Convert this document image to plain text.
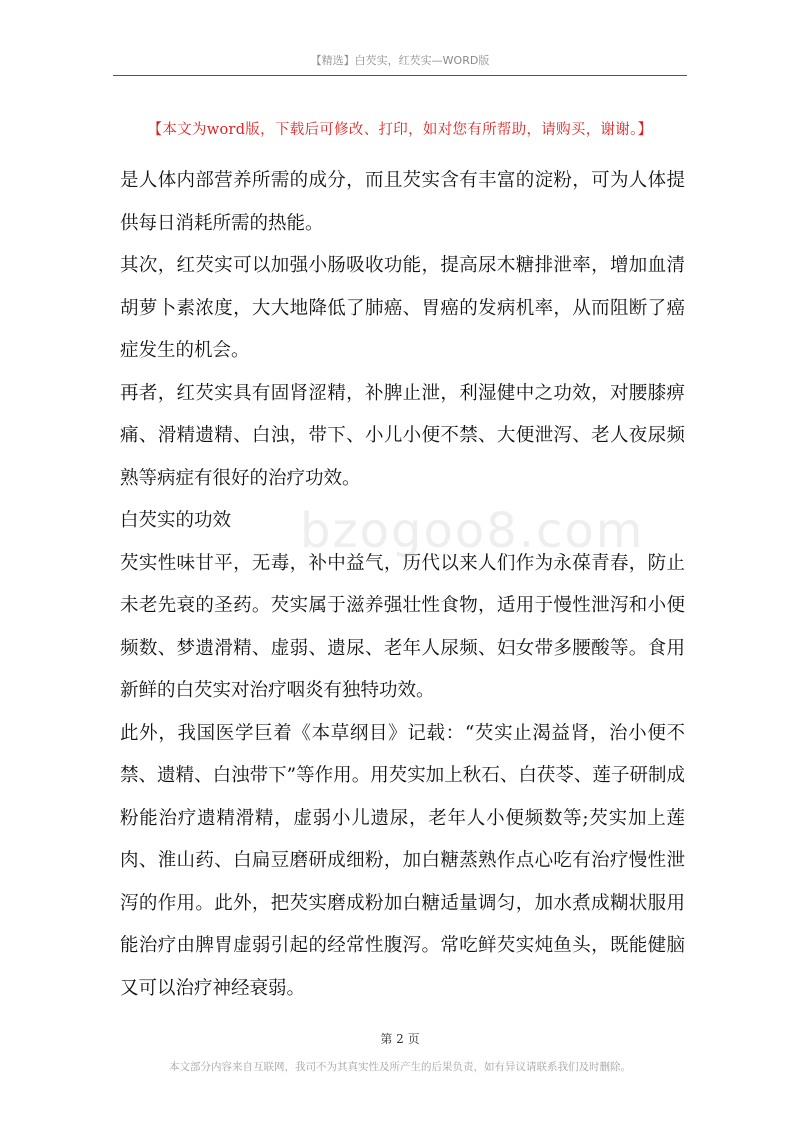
【精选】白芡实，红芡实—WORD版
【本文为word版，下载后可修改、打印，如对您有所帮助，请购买，谢谢。】
bzogoo8.com

是人体内部营养所需的成分，而且芡实含有丰富的淀粉，可为人体提供每日消耗所需的热能。

其次，红芡实可以加强小肠吸收功能，提高尿木糖排泄率，增加血清胡萝卜素浓度，大大地降低了肺癌、胃癌的发病机率，从而阻断了癌症发生的机会。

再者，红芡实具有固肾涩精，补脾止泄，利湿健中之功效，对腰膝痹痛、滑精遗精、白浊，带下、小儿小便不禁、大便泄泻、老人夜尿频熟等病症有很好的治疗功效。

白芡实的功效

芡实性味甘平，无毒，补中益气，历代以来人们作为永葆青春，防止未老先衰的圣药。芡实属于滋养强壮性食物，适用于慢性泄泻和小便频数、梦遗滑精、虚弱、遗尿、老年人尿频、妇女带多腰酸等。食用新鲜的白芡实对治疗咽炎有独特功效。

此外，我国医学巨着《本草纲目》记载：“芡实止渴益肾，治小便不禁、遗精、白浊带下”等作用。用芡实加上秋石、白茯苓、莲子研制成粉能治疗遗精滑精，虚弱小儿遗尿，老年人小便频数等;芡实加上莲肉、淮山药、白扁豆磨研成细粉，加白糖蒸熟作点心吃有治疗慢性泄泻的作用。此外，把芡实磨成粉加白糖适量调匀，加水煮成糊状服用能治疗由脾胃虚弱引起的经常性腹泻。常吃鲜芡实炖鱼头，既能健脑又可以治疗神经衰弱。

第 2 页
本文部分内容来自互联网，我司不为其真实性及所产生的后果负责，如有异议请联系我们及时删除。
